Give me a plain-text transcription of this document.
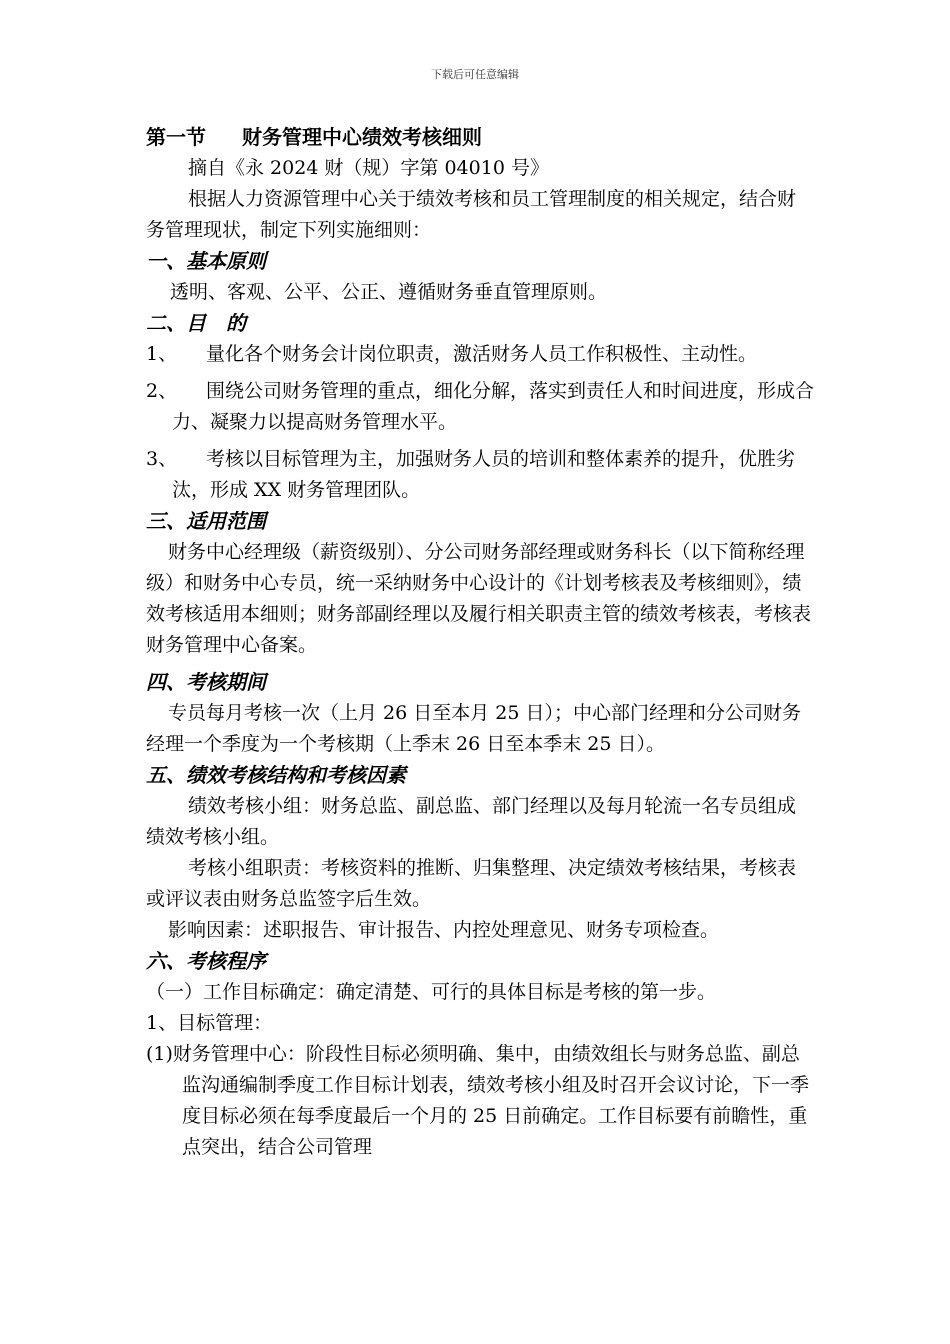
下载后可任意编辑

第一节 财务管理中心绩效考核细则

摘自《永 2024 财（规）字第 04010 号》

根据人力资源管理中心关于绩效考核和员工管理制度的相关规定，结合财务管理现状，制定下列实施细则：

一、基本原则

透明、客观、公平、公正、遵循财务垂直管理原则。

二、目　的

1、 量化各个财务会计岗位职责，激活财务人员工作积极性、主动性。

2、 围绕公司财务管理的重点，细化分解，落实到责任人和时间进度，形成合力、凝聚力以提高财务管理水平。

3、 考核以目标管理为主，加强财务人员的培训和整体素养的提升，优胜劣汰，形成 XX 财务管理团队。

三、适用范围

财务中心经理级（薪资级别）、分公司财务部经理或财务科长（以下简称经理级）和财务中心专员，统一采纳财务中心设计的《计划考核表及考核细则》，绩效考核适用本细则；财务部副经理以及履行相关职责主管的绩效考核表，考核表财务管理中心备案。

四、考核期间

专员每月考核一次（上月 26 日至本月 25 日）；中心部门经理和分公司财务经理一个季度为一个考核期（上季末 26 日至本季末 25 日）。

五、绩效考核结构和考核因素

绩效考核小组：财务总监、副总监、部门经理以及每月轮流一名专员组成绩效考核小组。

考核小组职责：考核资料的推断、归集整理、决定绩效考核结果，考核表或评议表由财务总监签字后生效。

影响因素：述职报告、审计报告、内控处理意见、财务专项检查。

六、考核程序

（一）工作目标确定：确定清楚、可行的具体目标是考核的第一步。

1、目标管理：

(1)财务管理中心：阶段性目标必须明确、集中，由绩效组长与财务总监、副总监沟通编制季度工作目标计划表，绩效考核小组及时召开会议讨论，下一季度目标必须在每季度最后一个月的 25 日前确定。工作目标要有前瞻性，重点突出，结合公司管理
